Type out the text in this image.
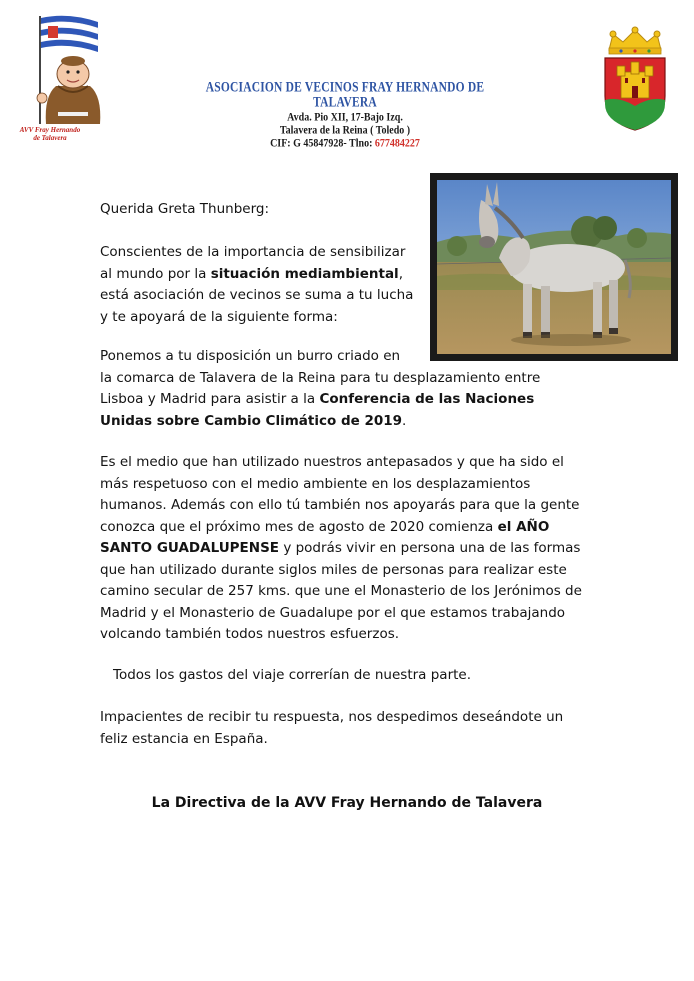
AVV Fray Hernando
de Talavera
ASOCIACION DE VECINOS FRAY HERNANDO DE TALAVERA
Avda. Pio XII, 17-Bajo Izq.
Talavera de la Reina ( Toledo )
CIF: G 45847928- Tlno: 677484227
Querida Greta Thunberg:
Conscientes de la importancia de sensibilizar
al mundo por la situación mediambiental,
está asociación de vecinos se suma a tu lucha
y te apoyará de la siguiente forma:
Ponemos a tu disposición un burro criado en
la comarca de Talavera de la Reina para tu desplazamiento entre
Lisboa y Madrid para asistir a la Conferencia de las Naciones
Unidas sobre Cambio Climático de 2019.
Es el medio que han utilizado nuestros antepasados y que ha sido el
más respetuoso con el medio ambiente en los desplazamientos
humanos. Además con ello tú también nos apoyarás para que la gente
conozca que el próximo mes de agosto de 2020 comienza el AÑO
SANTO GUADALUPENSE y podrás vivir en persona una de las formas
que han utilizado durante siglos miles de personas para realizar este
camino secular de 257 kms. que une el Monasterio de los Jerónimos de
Madrid y el Monasterio de Guadalupe por el que estamos trabajando
volcando también todos nuestros esfuerzos.
Todos los gastos del viaje correrían de nuestra parte.
Impacientes de recibir tu respuesta, nos despedimos deseándote un
feliz estancia en España.
La Directiva de la AVV Fray Hernando de Talavera
